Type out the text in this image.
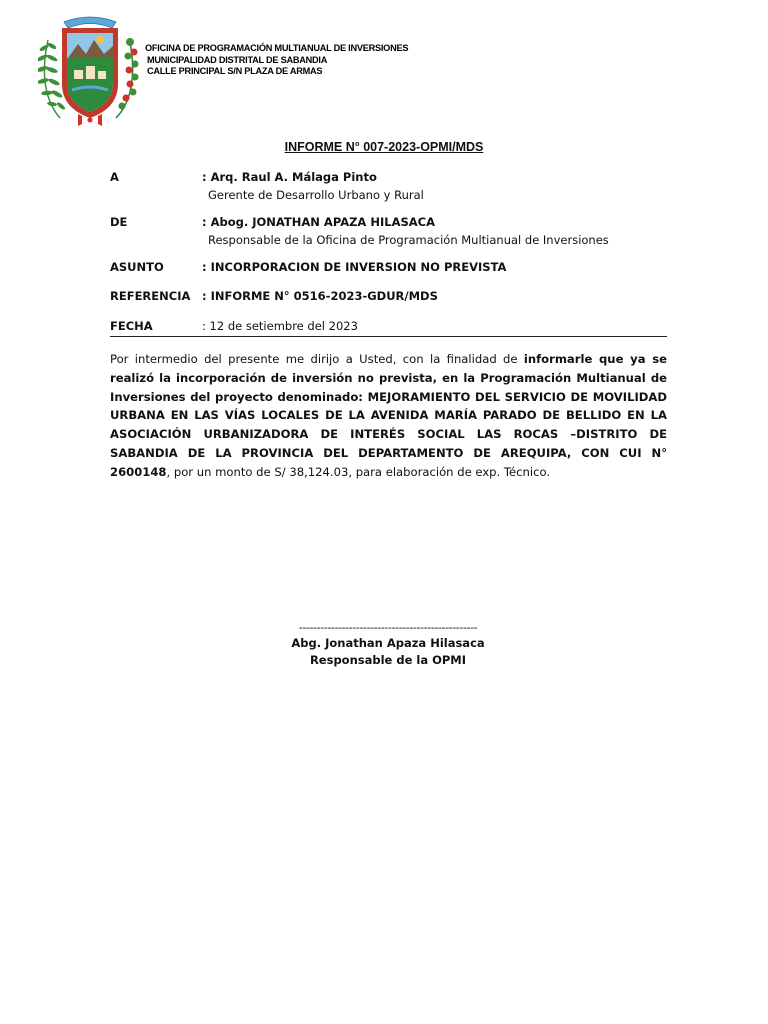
OFICINA DE PROGRAMACIÓN MULTIANUAL DE INVERSIONES
MUNICIPALIDAD DISTRITAL DE SABANDIA
CALLE PRINCIPAL S/N PLAZA DE ARMAS
INFORME N° 007-2023-OPMI/MDS
A	: Arq. Raul A. Málaga Pinto
Gerente de Desarrollo Urbano y Rural
DE	: Abog. JONATHAN APAZA HILASACA
Responsable de la Oficina de Programación Multianual de Inversiones
ASUNTO	: INCORPORACION DE INVERSION NO PREVISTA
REFERENCIA : INFORME N° 0516-2023-GDUR/MDS
FECHA	: 12 de setiembre del 2023
Por intermedio del presente me dirijo a Usted, con la finalidad de informarle que ya se realizó la incorporación de inversión no prevista, en la Programación Multianual de Inversiones del proyecto denominado: MEJORAMIENTO DEL SERVICIO DE MOVILIDAD URBANA EN LAS VÍAS LOCALES DE LA AVENIDA MARÍA PARADO DE BELLIDO EN LA ASOCIACIÓN URBANIZADORA DE INTERÉS SOCIAL LAS ROCAS –DISTRITO DE SABANDIA DE LA PROVINCIA DEL DEPARTAMENTO DE AREQUIPA, CON CUI N° 2600148, por un monto de S/ 38,124.03, para elaboración de exp. Técnico.
--------------------------------------------------
Abg. Jonathan Apaza Hilasaca
Responsable de la OPMI
